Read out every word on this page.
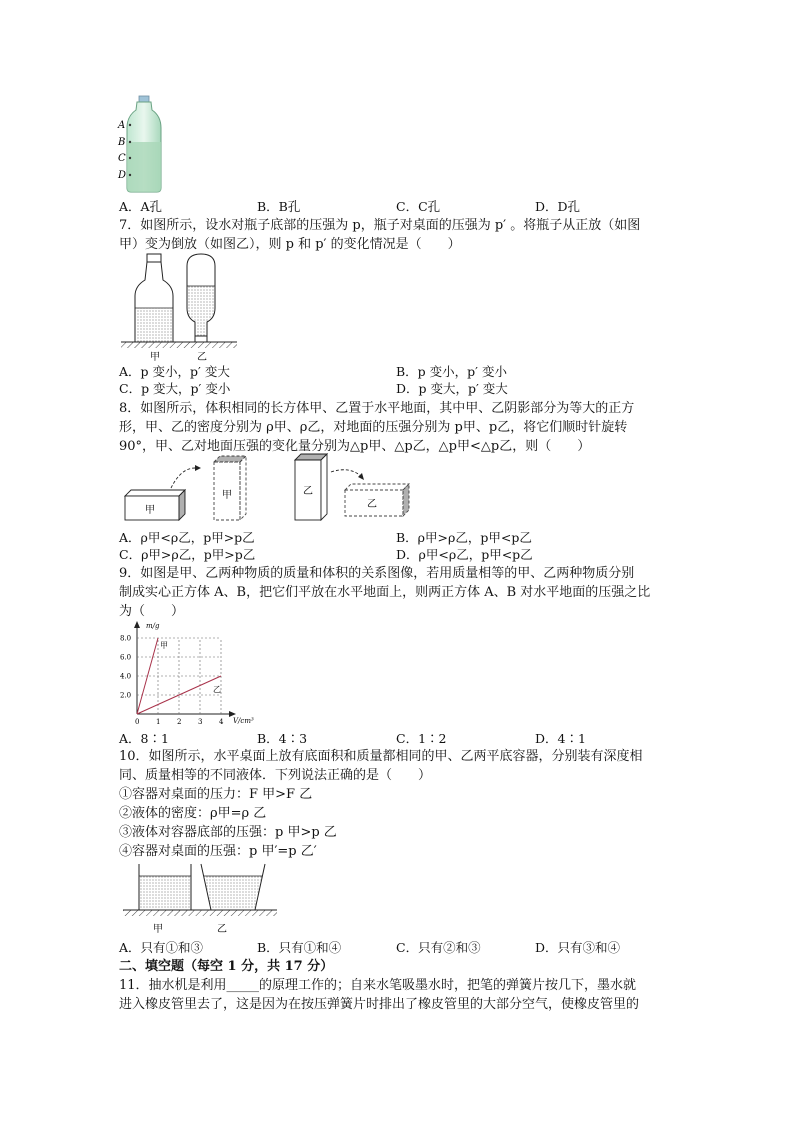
A
B
C
D
A．A孔	B．B孔	C．C孔	D．D孔
7．如图所示，设水对瓶子底部的压强为 p，瓶子对桌面的压强为 p′ 。将瓶子从正放（如图
甲）变为倒放（如图乙），则 p 和 p′ 的变化情况是（　　）
甲	乙
A．p 变小，p′ 变大	B．p 变小，p′ 变小
C．p 变大，p′ 变小	D．p 变大，p′ 变大
8．如图所示，体积相同的长方体甲、乙置于水平地面，其中甲、乙阴影部分为等大的正方
形，甲、乙的密度分别为 ρ甲、ρ乙，对地面的压强分别为 p甲、p乙，将它们顺时针旋转
90°，甲、乙对地面压强的变化量分别为△p甲、△p乙，△p甲<△p乙，则（　　）
甲
甲	乙
乙
A．ρ甲<ρ乙，p甲>p乙	B．ρ甲>ρ乙，p甲<p乙
C．ρ甲>ρ乙，p甲>p乙	D．ρ甲<ρ乙，p甲<p乙
9．如图是甲、乙两种物质的质量和体积的关系图像，若用质量相等的甲、乙两种物质分别
制成实心正方体 A、B，把它们平放在水平地面上，则两正方体 A、B 对水平地面的压强之比
为（　　）
m/g
V/cm³
0 1 2 3 4
2.0
4.0
6.0
8.0
甲
乙
A．8∶1	B．4∶3	C．1∶2	D．4∶1
10．如图所示，水平桌面上放有底面积和质量都相同的甲、乙两平底容器，分别装有深度相
同、质量相等的不同液体．下列说法正确的是（　　）
①容器对桌面的压力：F 甲>F 乙
②液体的密度：ρ甲=ρ 乙
③液体对容器底部的压强：p 甲>p 乙
④容器对桌面的压强：p 甲′=p 乙′
甲	乙
A．只有①和③	B．只有①和④	C．只有②和③	D．只有③和④
二、填空题（每空 1 分，共 17 分）
11．抽水机是利用_____的原理工作的；自来水笔吸墨水时，把笔的弹簧片按几下，墨水就
进入橡皮管里去了，这是因为在按压弹簧片时排出了橡皮管里的大部分空气，使橡皮管里的
